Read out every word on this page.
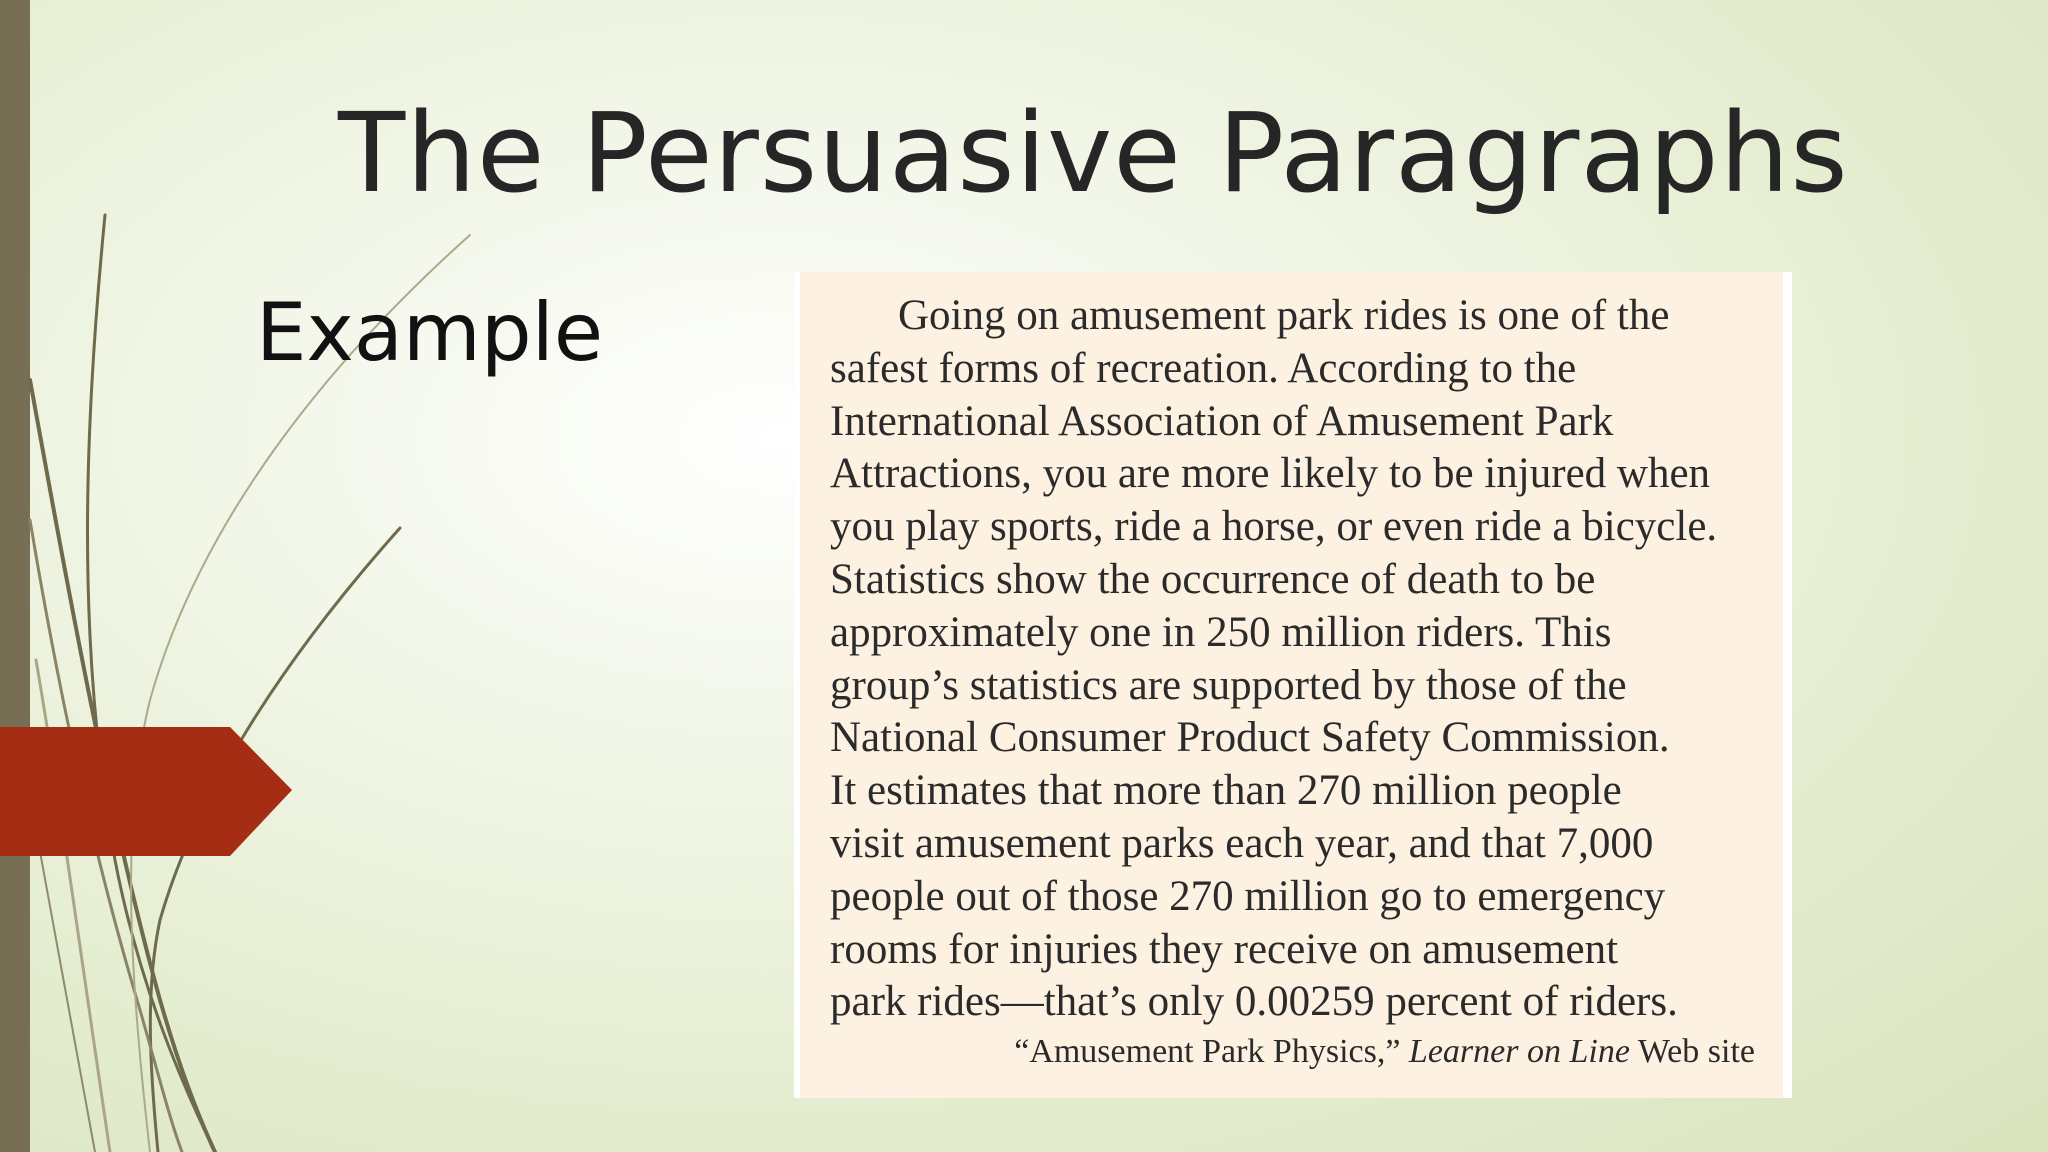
The Persuasive Paragraphs
Example	Going on amusement park rides is one of the
safest forms of recreation. According to the
International Association of Amusement Park
Attractions, you are more likely to be injured when
you play sports, ride a horse, or even ride a bicycle.
Statistics show the occurrence of death to be
approximately one in 250 million riders. This
group’s statistics are supported by those of the
National Consumer Product Safety Commission.
It estimates that more than 270 million people
visit amusement parks each year, and that 7,000
people out of those 270 million go to emergency
rooms for injuries they receive on amusement
park rides—that’s only 0.00259 percent of riders.
“Amusement Park Physics,” Learner on Line Web site
